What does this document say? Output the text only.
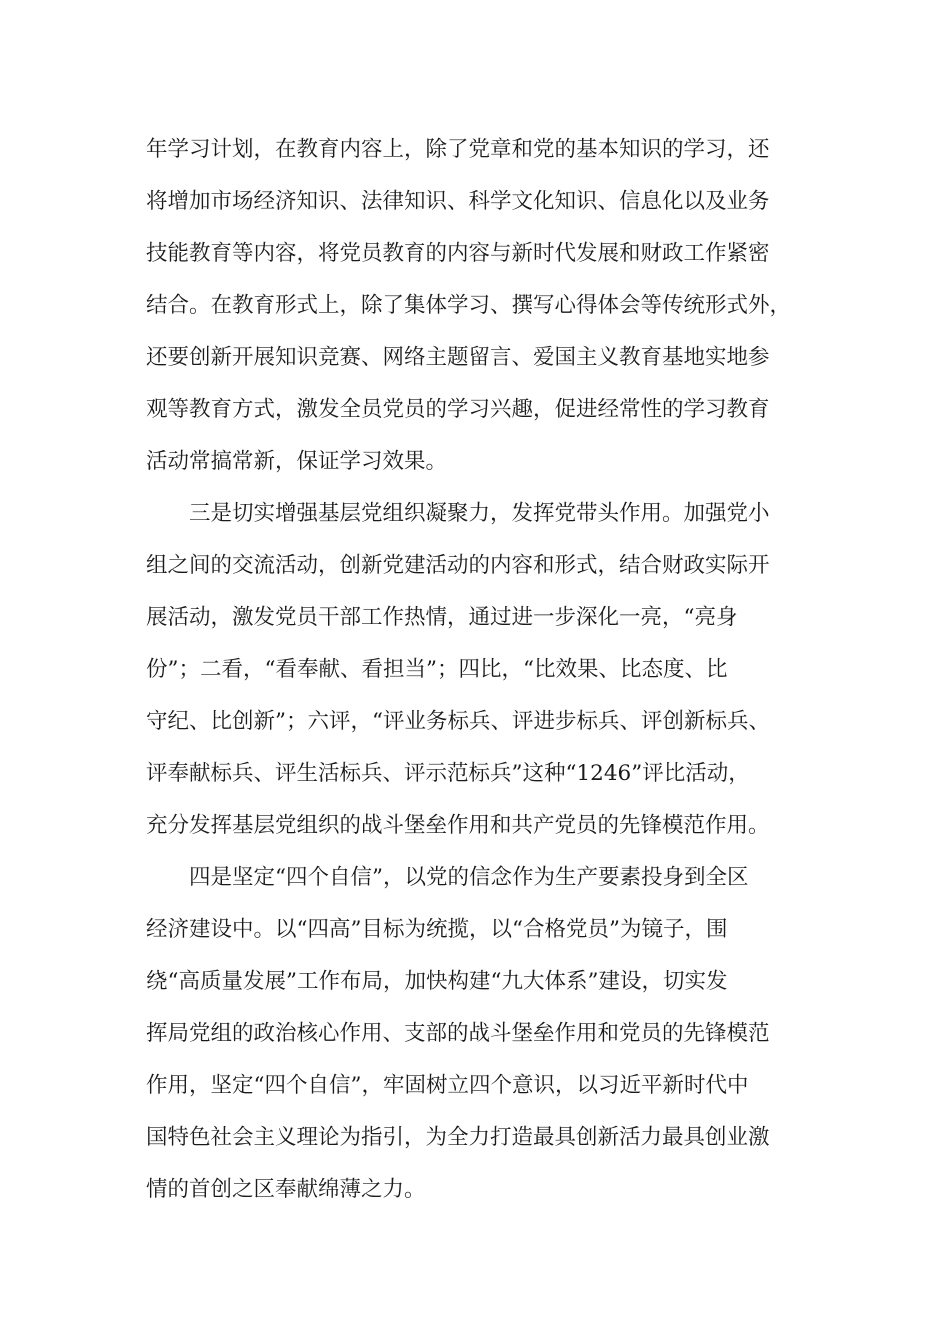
年学习计划，在教育内容上，除了党章和党的基本知识的学习，还
将增加市场经济知识、法律知识、科学文化知识、信息化以及业务
技能教育等内容，将党员教育的内容与新时代发展和财政工作紧密
结合。在教育形式上，除了集体学习、撰写心得体会等传统形式外，
还要创新开展知识竞赛、网络主题留言、爱国主义教育基地实地参
观等教育方式，激发全员党员的学习兴趣，促进经常性的学习教育
活动常搞常新，保证学习效果。
三是切实增强基层党组织凝聚力，发挥党带头作用。加强党小
组之间的交流活动，创新党建活动的内容和形式，结合财政实际开
展活动，激发党员干部工作热情，通过进一步深化一亮，“亮身
份”；二看，“看奉献、看担当”；四比，“比效果、比态度、比
守纪、比创新”；六评，“评业务标兵、评进步标兵、评创新标兵、
评奉献标兵、评生活标兵、评示范标兵”这种“1246”评比活动，
充分发挥基层党组织的战斗堡垒作用和共产党员的先锋模范作用。
四是坚定“四个自信”，以党的信念作为生产要素投身到全区
经济建设中。以“四高”目标为统揽，以“合格党员”为镜子，围
绕“高质量发展”工作布局，加快构建“九大体系”建设，切实发
挥局党组的政治核心作用、支部的战斗堡垒作用和党员的先锋模范
作用，坚定“四个自信”，牢固树立四个意识，以习近平新时代中
国特色社会主义理论为指引，为全力打造最具创新活力最具创业激
情的首创之区奉献绵薄之力。
